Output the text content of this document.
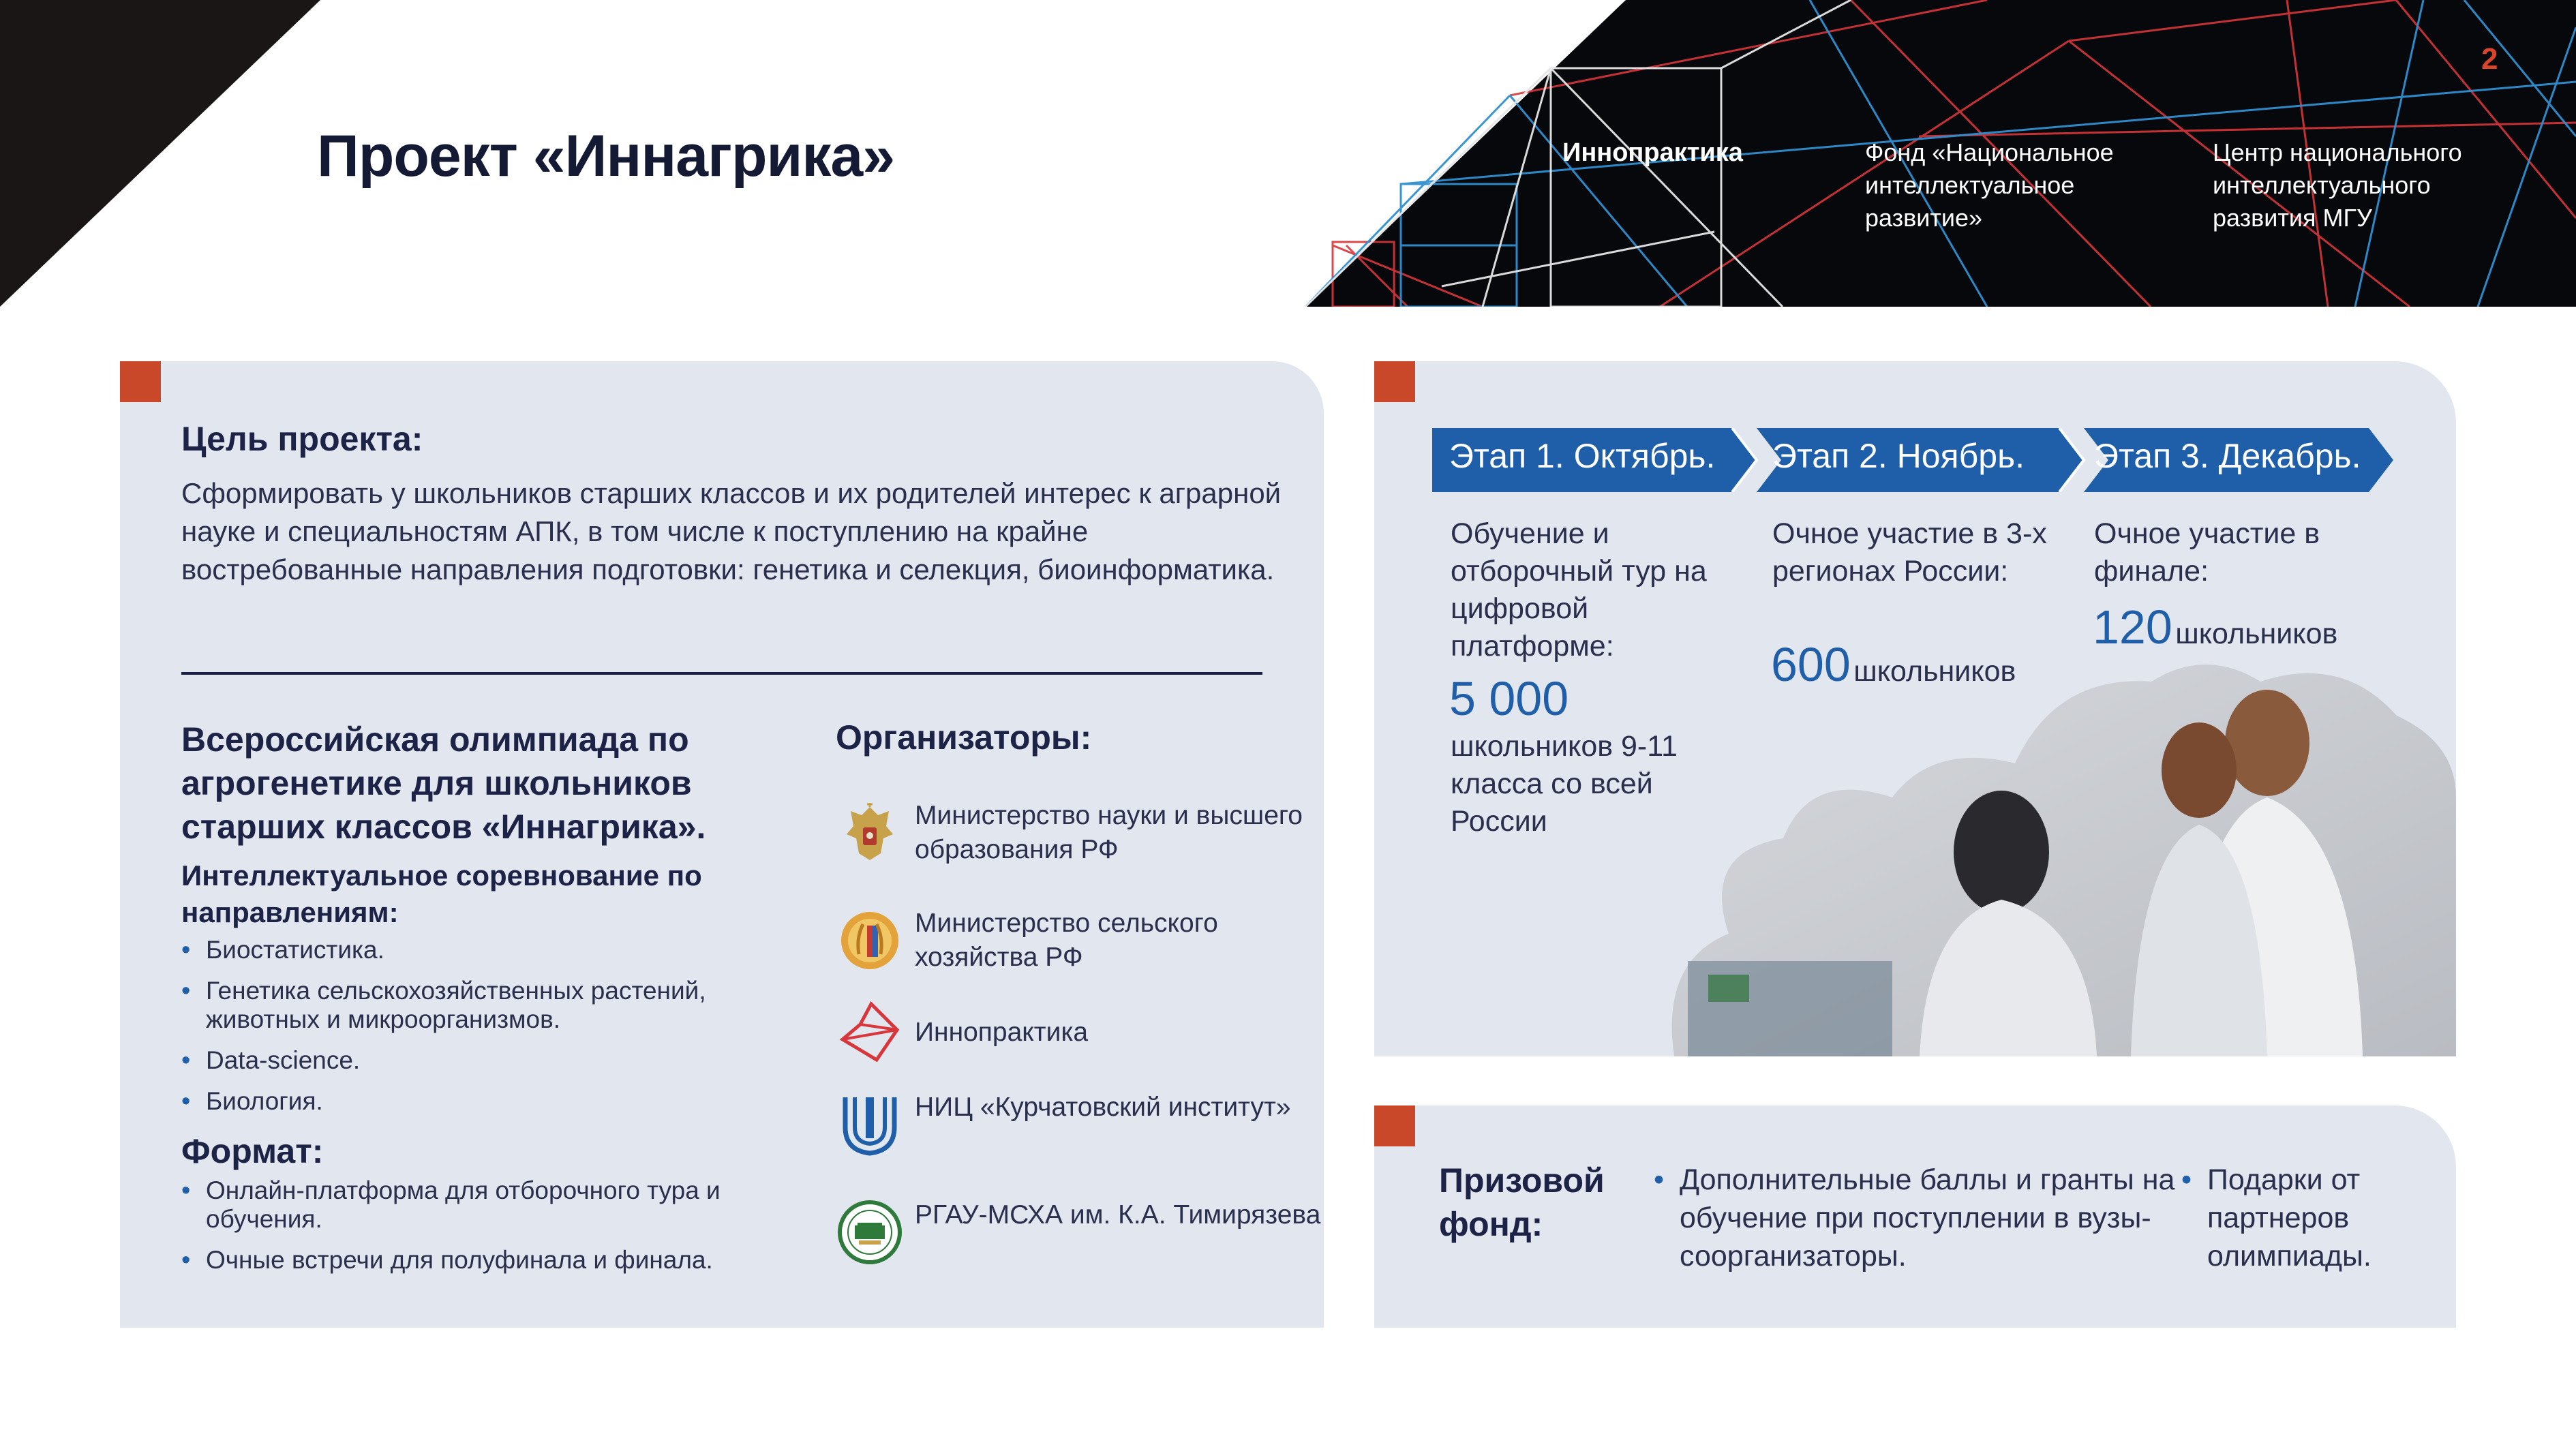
Проект «Иннагрика»	Иннопрактика	Фонд «Национальное интеллектуальное развитие»
Центр национального интеллектуального развития МГУ
2
Цель проекта:
Сформировать у школьников старших классов и их родителей интерес к аграрной науке и специальностям АПК, в том числе к поступлению на крайне востребованные направления подготовки: генетика и селекция, биоинформатика.
Всероссийская олимпиада по агрогенетике для школьников старших классов «Иннагрика».
Интеллектуальное соревнование по направлениям:
• Биостатистика.
• Генетика сельскохозяйственных растений, животных и микроорганизмов.
• Data-science.
• Биология.
Формат:
• Онлайн-платформа для отборочного тура и обучения.
• Очные встречи для полуфинала и финала.
Организаторы:
Министерство науки и высшего образования РФ
Министерство сельского хозяйства РФ
Иннопрактика
НИЦ «Курчатовский институт»
РГАУ-МСХА им. К.А. Тимирязева
Этап 1. Октябрь. Этап 2. Ноябрь. Этап 3. Декабрь.
Обучение и отборочный тур на цифровой платформе:
5 000
школьников 9-11 класса со всей России
Очное участие в 3-х регионах России:
600 школьников
Очное участие в финале:
120 школьников
Призовой фонд:
• Дополнительные баллы и гранты на обучение при поступлении в вузы-соорганизаторы.
• Подарки от партнеров олимпиады.
